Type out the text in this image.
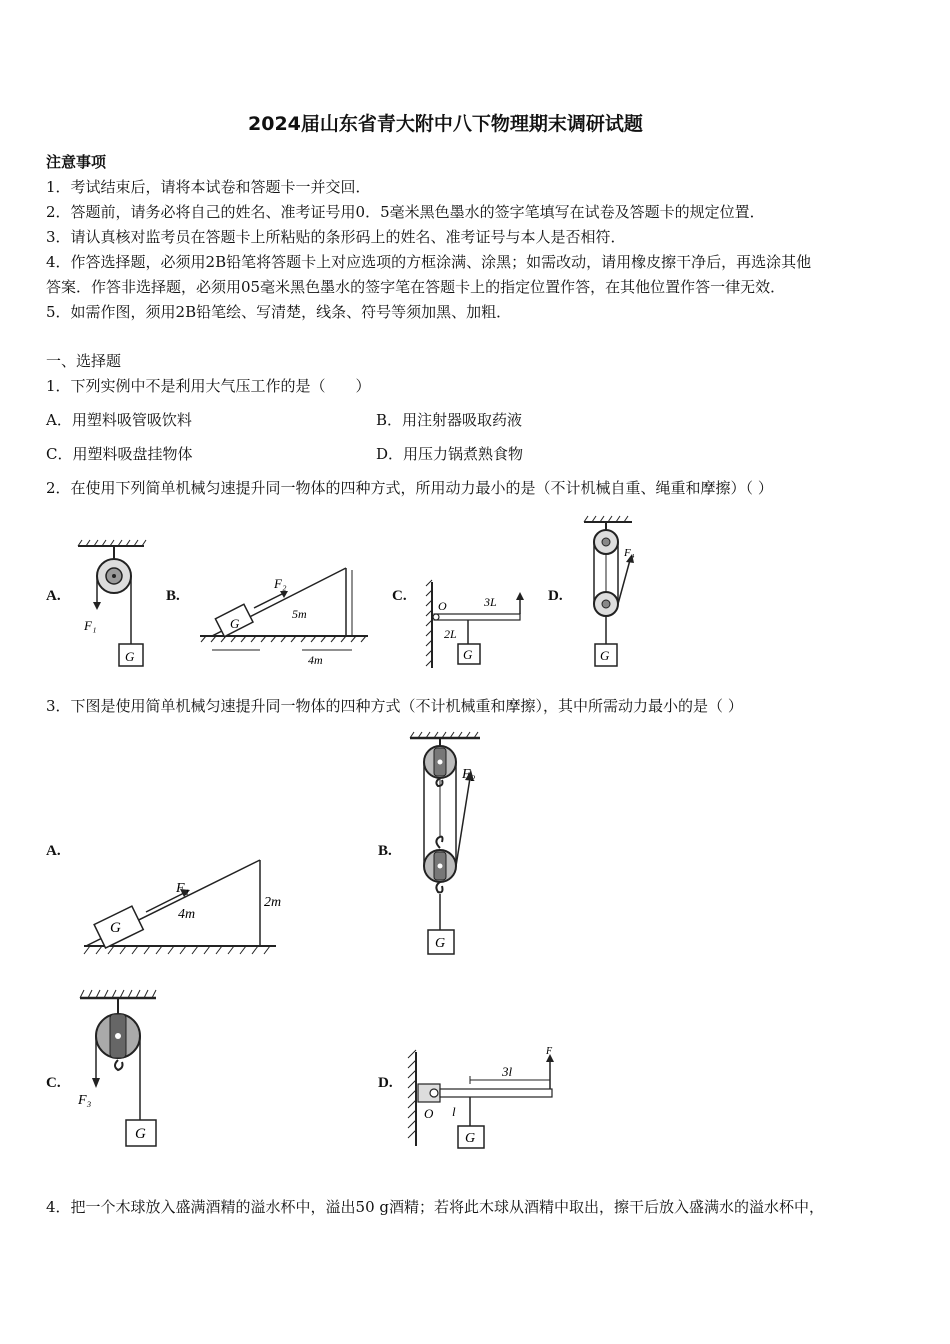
2024届山东省青大附中八下物理期末调研试题
注意事项
1．考试结束后，请将本试卷和答题卡一并交回．
2．答题前，请务必将自己的姓名、准考证号用0．5毫米黑色墨水的签字笔填写在试卷及答题卡的规定位置．
3．请认真核对监考员在答题卡上所粘贴的条形码上的姓名、准考证号与本人是否相符．
4．作答选择题，必须用2B铅笔将答题卡上对应选项的方框涂满、涂黑；如需改动，请用橡皮擦干净后，再选涂其他
答案．作答非选择题，必须用05毫米黑色墨水的签字笔在答题卡上的指定位置作答，在其他位置作答一律无效．
5．如需作图，须用2B铅笔绘、写清楚，线条、符号等须加黑、加粗．
一、选择题
1．下列实例中不是利用大气压工作的是（　　）
A．用塑料吸管吸饮料	B．用注射器吸取药液
C．用塑料吸盘挂物体	D．用压力锅煮熟食物
2．在使用下列简单机械匀速提升同一物体的四种方式，所用动力最小的是（不计机械自重、绳重和摩擦）（ ）
A.	B.	C.	D.
G
F₁	G
F₂
5m
4m
O	3L
2L
G
F₄
G
3．下图是使用简单机械匀速提升同一物体的四种方式（不计机械重和摩擦），其中所需动力最小的是（ ）
A.	B.
C.	D.
G
F₁
4m
2m
F₂
G
F₃
G
O
F
3l
l
G
4．把一个木球放入盛满酒精的溢水杯中，溢出50 g酒精；若将此木球从酒精中取出，擦干后放入盛满水的溢水杯中，
